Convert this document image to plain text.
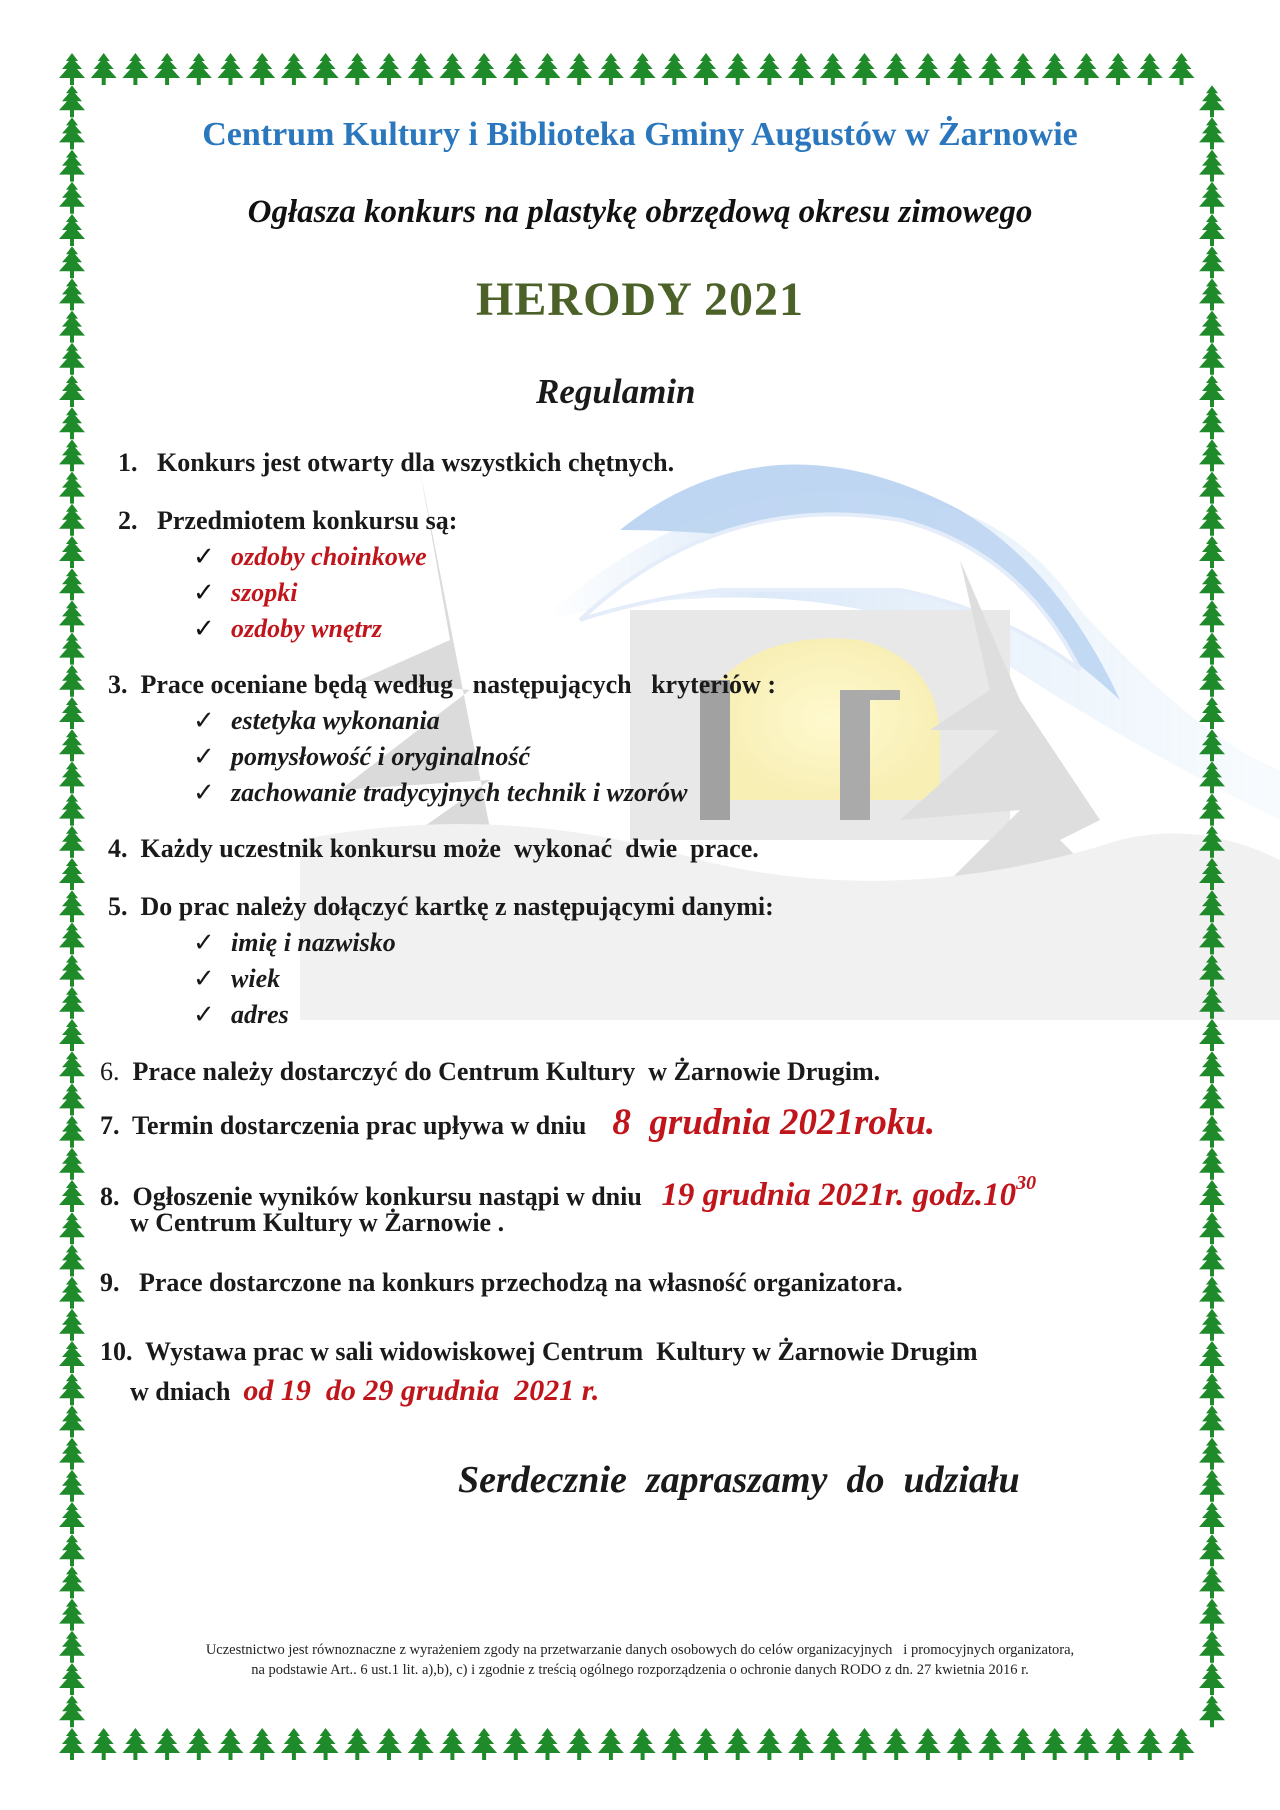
Centrum Kultury i Biblioteka Gminy Augustów w Żarnowie
Ogłasza konkurs na plastykę obrzędową okresu zimowego
HERODY 2021
Regulamin
1. Konkurs jest otwarty dla wszystkich chętnych.
2. Przedmiotem konkursu są:
✓ ozdoby choinkowe
✓ szopki
✓ ozdoby wnętrz
3. Prace oceniane będą według   następujących   kryteriów :
✓ estetyka wykonania
✓ pomysłowość i oryginalność
✓ zachowanie tradycyjnych technik i wzorów
4. Każdy uczestnik konkursu może  wykonać  dwie  prace.
5. Do prac należy dołączyć kartkę z następującymi danymi:
✓ imię i nazwisko
✓ wiek
✓ adres
6. Prace należy dostarczyć do Centrum Kultury  w Żarnowie Drugim.
7. Termin dostarczenia prac upływa w dniu 8  grudnia 2021roku.
8. Ogłoszenie wyników konkursu nastąpi w dniu 19 grudnia 2021r. $godz.10^{30}$
w Centrum Kultury w Żarnowie .
9. Prace dostarczone na konkurs przechodzą na własność organizatora.
10. Wystawa prac w sali widowiskowej Centrum  Kultury w Żarnowie Drugim
w dniach od 19  do 29 grudnia  2021 r.
Serdecznie  zapraszamy  do  udziału
Uczestnictwo jest równoznaczne z wyrażeniem zgody na przetwarzanie danych osobowych do celów organizacyjnych   i promocyjnych organizatora,
na podstawie Art.. 6 ust.1 lit. a),b), c) i zgodnie z treścią ogólnego rozporządzenia o ochronie danych RODO z dn. 27 kwietnia 2016 r.
